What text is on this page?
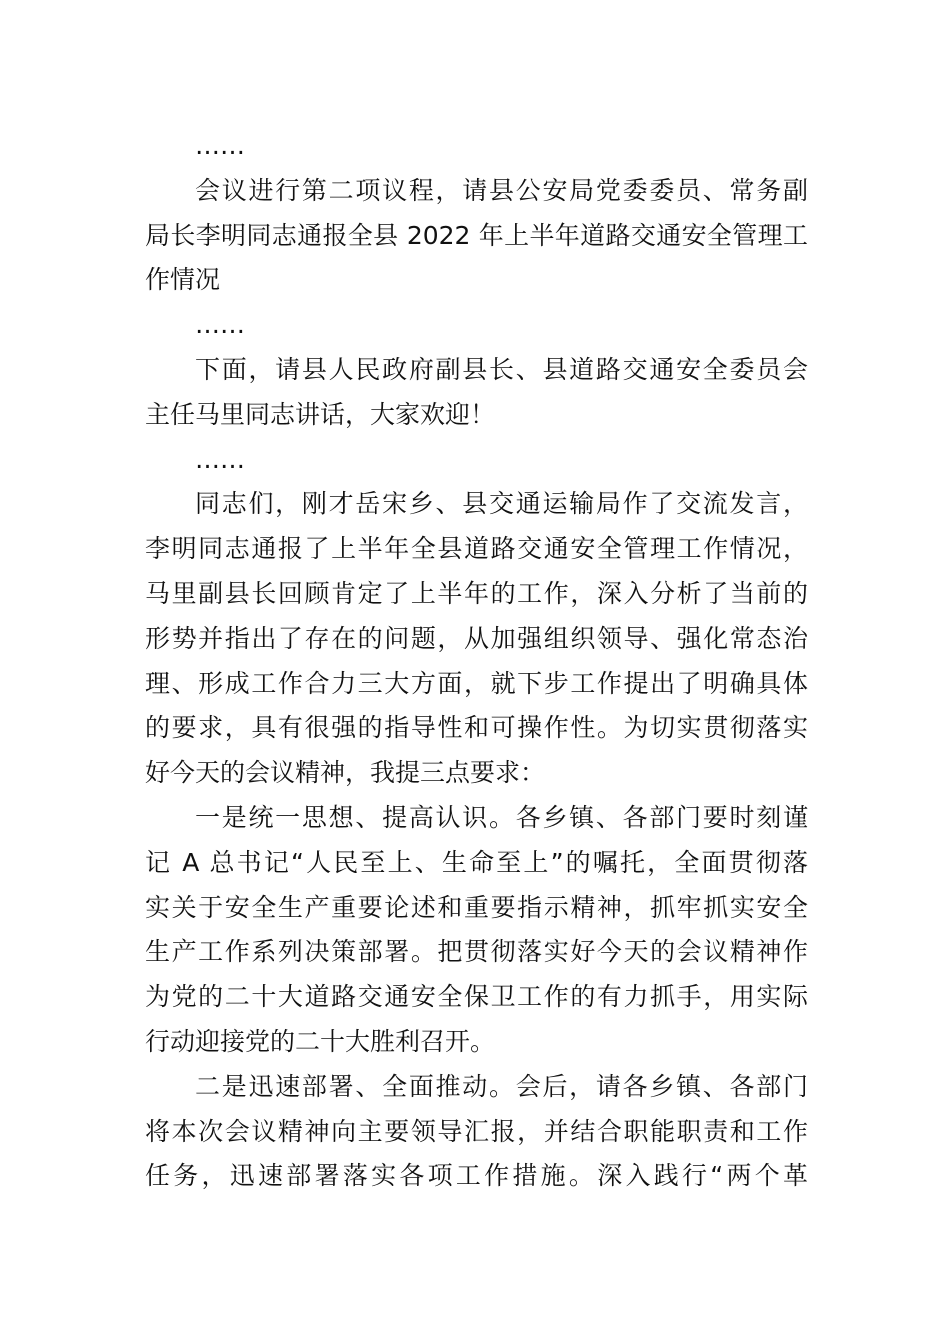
……
会议进行第二项议程，请县公安局党委委员、常务副
局长李明同志通报全县 2022 年上半年道路交通安全管理工
作情况
……
下面，请县人民政府副县长、县道路交通安全委员会
主任马里同志讲话，大家欢迎！
……
同志们，刚才岳宋乡、县交通运输局作了交流发言，
李明同志通报了上半年全县道路交通安全管理工作情况，
马里副县长回顾肯定了上半年的工作，深入分析了当前的
形势并指出了存在的问题，从加强组织领导、强化常态治
理、形成工作合力三大方面，就下步工作提出了明确具体
的要求，具有很强的指导性和可操作性。为切实贯彻落实
好今天的会议精神，我提三点要求：
一是统一思想、提高认识。各乡镇、各部门要时刻谨
记 A 总书记“人民至上、生命至上”的嘱托，全面贯彻落
实关于安全生产重要论述和重要指示精神，抓牢抓实安全
生产工作系列决策部署。把贯彻落实好今天的会议精神作
为党的二十大道路交通安全保卫工作的有力抓手，用实际
行动迎接党的二十大胜利召开。
二是迅速部署、全面推动。会后，请各乡镇、各部门
将本次会议精神向主要领导汇报，并结合职能职责和工作
任务，迅速部署落实各项工作措施。深入践行“两个革
